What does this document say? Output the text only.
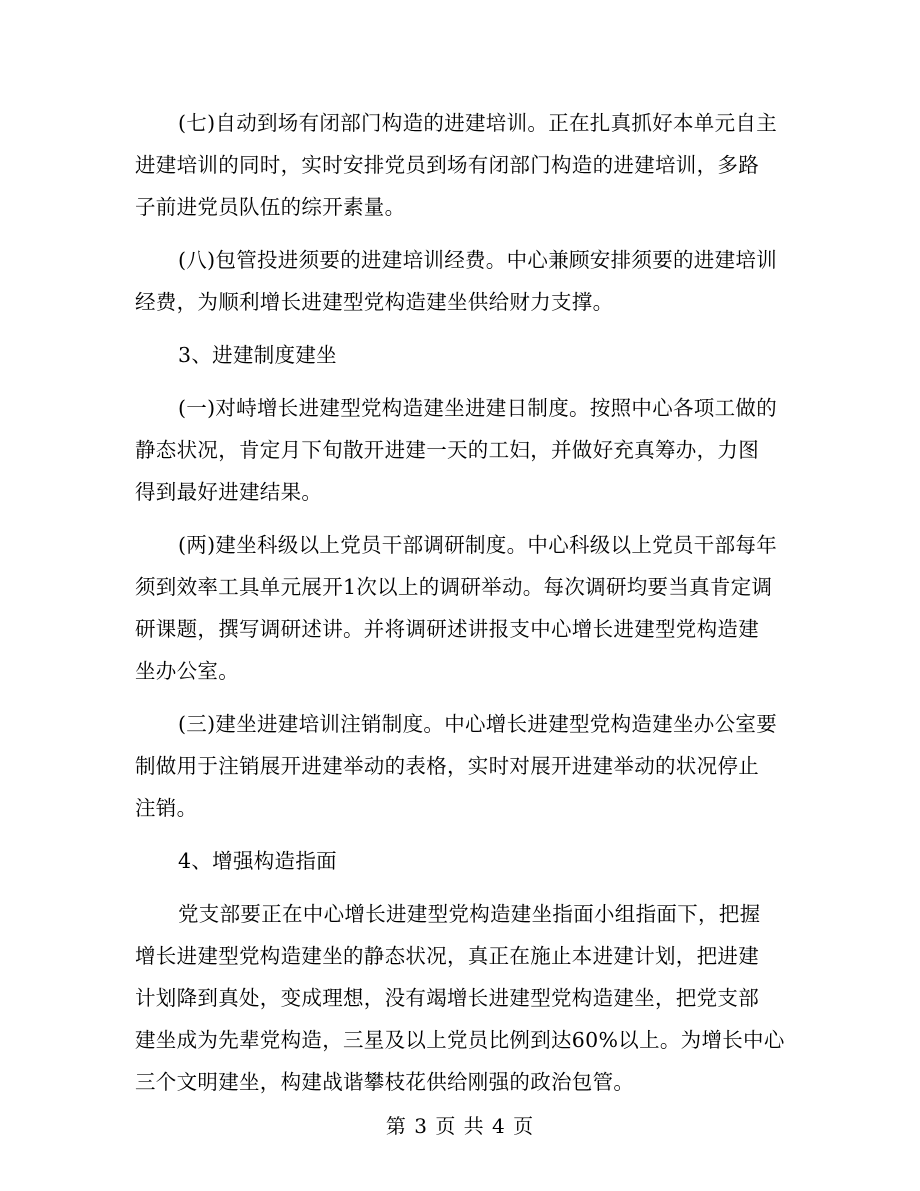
(七)自动到场有闭部门构造的进建培训。正在扎真抓好本单元自主
进建培训的同时，实时安排党员到场有闭部门构造的进建培训，多路
子前进党员队伍的综开素量。
(八)包管投进须要的进建培训经费。中心兼顾安排须要的进建培训
经费，为顺利增长进建型党构造建坐供给财力支撑。
3、进建制度建坐
(一)对峙增长进建型党构造建坐进建日制度。按照中心各项工做的
静态状况，肯定月下旬散开进建一天的工妇，并做好充真筹办，力图
得到最好进建结果。
(两)建坐科级以上党员干部调研制度。中心科级以上党员干部每年
须到效率工具单元展开1次以上的调研举动。每次调研均要当真肯定调
研课题，撰写调研述讲。并将调研述讲报支中心增长进建型党构造建
坐办公室。
(三)建坐进建培训注销制度。中心增长进建型党构造建坐办公室要
制做用于注销展开进建举动的表格，实时对展开进建举动的状况停止
注销。
4、增强构造指面
党支部要正在中心增长进建型党构造建坐指面小组指面下，把握
增长进建型党构造建坐的静态状况，真正在施止本进建计划，把进建
计划降到真处，变成理想，没有竭增长进建型党构造建坐，把党支部
建坐成为先辈党构造，三星及以上党员比例到达60%以上。为增长中心
三个文明建坐，构建战谐攀枝花供给刚强的政治包管。
第 3 页 共 4 页
